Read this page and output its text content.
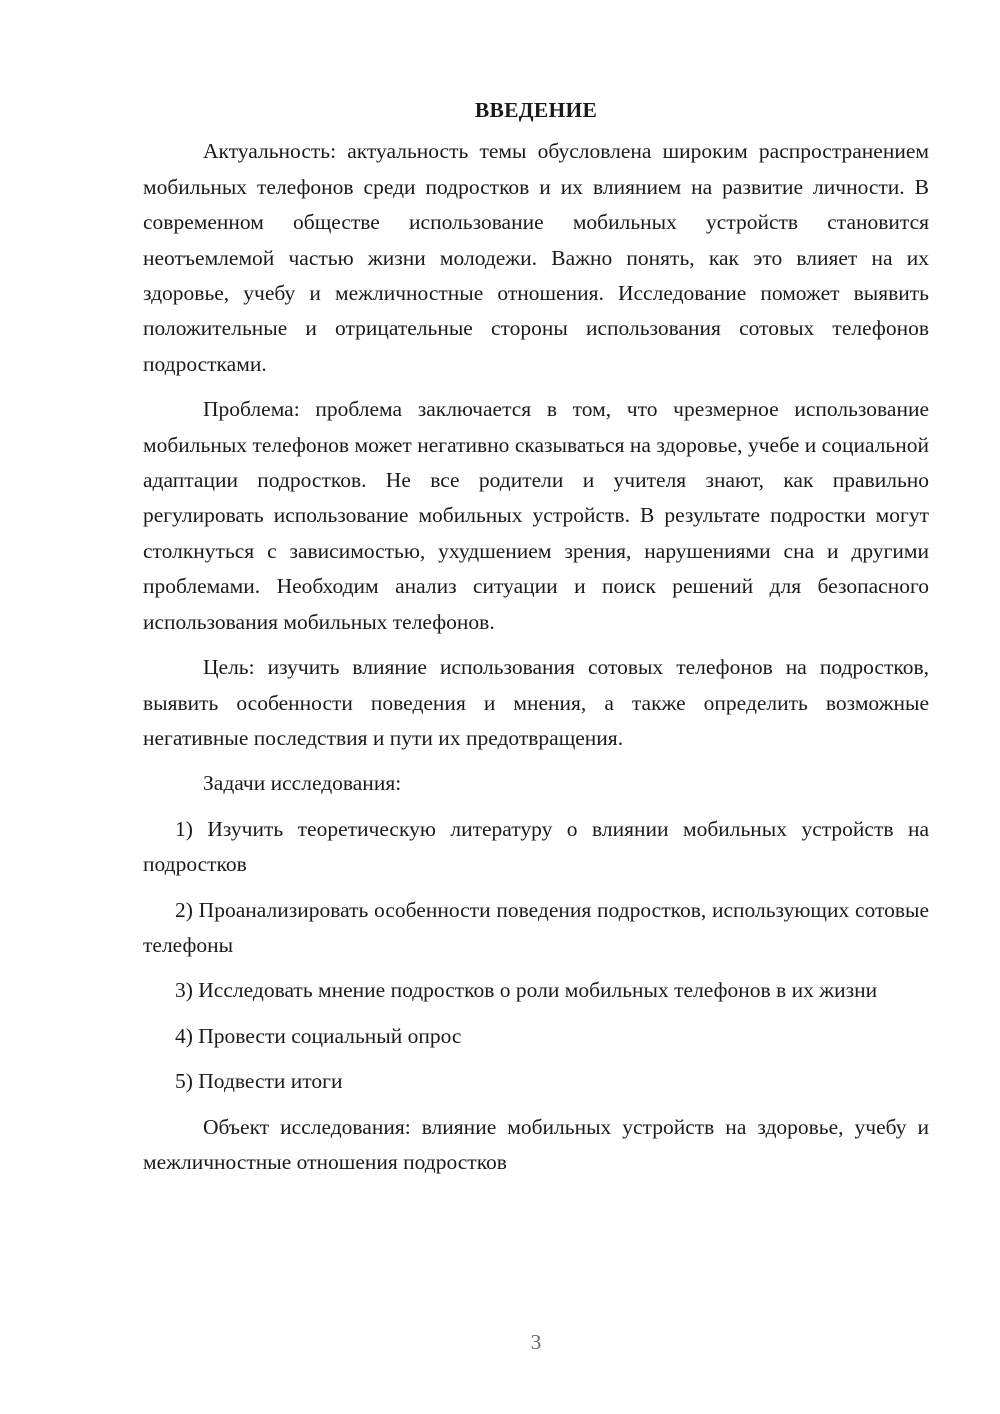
ВВЕДЕНИЕ

Актуальность: актуальность темы обусловлена широким распространением мобильных телефонов среди подростков и их влиянием на развитие личности. В современном обществе использование мобильных устройств становится неотъемлемой частью жизни молодежи. Важно понять, как это влияет на их здоровье, учебу и межличностные отношения. Исследование поможет выявить положительные и отрицательные стороны использования сотовых телефонов подростками.

Проблема: проблема заключается в том, что чрезмерное использование мобильных телефонов может негативно сказываться на здоровье, учебе и социальной адаптации подростков. Не все родители и учителя знают, как правильно регулировать использование мобильных устройств. В результате подростки могут столкнуться с зависимостью, ухудшением зрения, нарушениями сна и другими проблемами. Необходим анализ ситуации и поиск решений для безопасного использования мобильных телефонов.

Цель: изучить влияние использования сотовых телефонов на подростков, выявить особенности поведения и мнения, а также определить возможные негативные последствия и пути их предотвращения.

Задачи исследования:

1) Изучить теоретическую литературу о влиянии мобильных устройств на подростков

2) Проанализировать особенности поведения подростков, использующих сотовые телефоны

3) Исследовать мнение подростков о роли мобильных телефонов в их жизни

4) Провести социальный опрос

5) Подвести итоги

Объект исследования: влияние мобильных устройств на здоровье, учебу и межличностные отношения подростков

3
